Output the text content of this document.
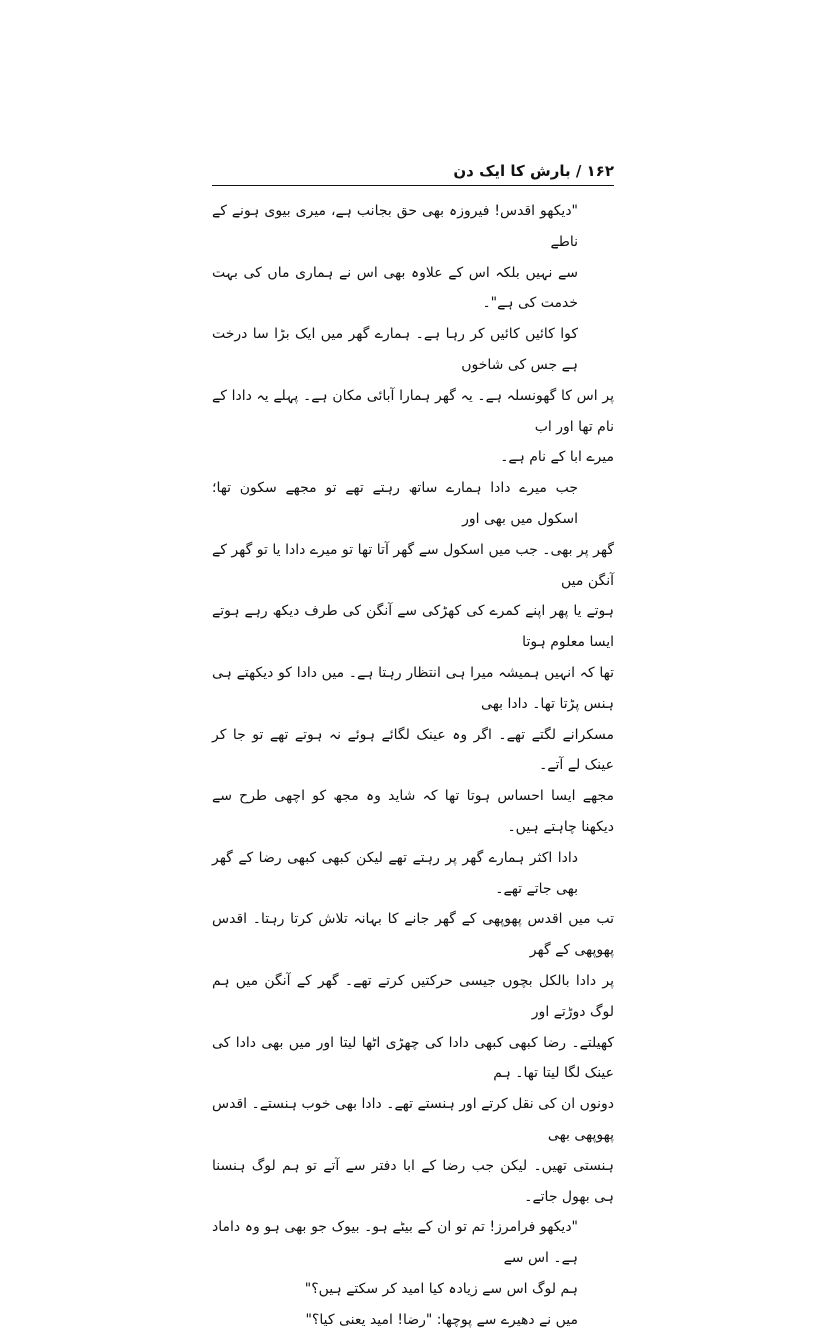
۱۶۲ / بارش کا ایک دن
"دیکھو اقدس! فیروزہ بھی حق بجانب ہے، میری بیوی ہونے کے ناطے
سے نہیں بلکہ اس کے علاوہ بھی اس نے ہماری ماں کی بہت خدمت کی ہے"۔
کوا کائیں کائیں کر رہا ہے۔ ہمارے گھر میں ایک بڑا سا درخت ہے جس کی شاخوں
پر اس کا گھونسلہ ہے۔ یہ گھر ہمارا آبائی مکان ہے۔ پہلے یہ دادا کے نام تھا اور اب
میرے ابا کے نام ہے۔
جب میرے دادا ہمارے ساتھ رہتے تھے تو مجھے سکون تھا؛ اسکول میں بھی اور
گھر پر بھی۔ جب میں اسکول سے گھر آتا تھا تو میرے دادا یا تو گھر کے آنگن میں
ہوتے یا پھر اپنے کمرے کی کھڑکی سے آنگن کی طرف دیکھ رہے ہوتے ایسا معلوم ہوتا
تھا کہ انہیں ہمیشہ میرا ہی انتظار رہتا ہے۔ میں دادا کو دیکھتے ہی ہنس پڑتا تھا۔ دادا بھی
مسکرانے لگتے تھے۔ اگر وہ عینک لگائے ہوئے نہ ہوتے تھے تو جا کر عینک لے آتے۔
مجھے ایسا احساس ہوتا تھا کہ شاید وہ مجھ کو اچھی طرح سے دیکھنا چاہتے ہیں۔
دادا اکثر ہمارے گھر پر رہتے تھے لیکن کبھی کبھی رضا کے گھر بھی جاتے تھے۔
تب میں اقدس پھوپھی کے گھر جانے کا بہانہ تلاش کرتا رہتا۔ اقدس پھوپھی کے گھر
پر دادا بالکل بچوں جیسی حرکتیں کرتے تھے۔ گھر کے آنگن میں ہم لوگ دوڑتے اور
کھیلتے۔ رضا کبھی کبھی دادا کی چھڑی اٹھا لیتا اور میں بھی دادا کی عینک لگا لیتا تھا۔ ہم
دونوں ان کی نقل کرتے اور ہنستے تھے۔ دادا بھی خوب ہنستے۔ اقدس پھوپھی بھی
ہنستی تھیں۔ لیکن جب رضا کے ابا دفتر سے آتے تو ہم لوگ ہنسنا ہی بھول جاتے۔
"دیکھو فرامرز! تم تو ان کے بیٹے ہو۔ بیوک جو بھی ہو وہ داماد ہے۔ اس سے
ہم لوگ اس سے زیادہ کیا امید کر سکتے ہیں؟"
میں نے دھیرے سے پوچھا: "رضا! امید یعنی کیا؟"
